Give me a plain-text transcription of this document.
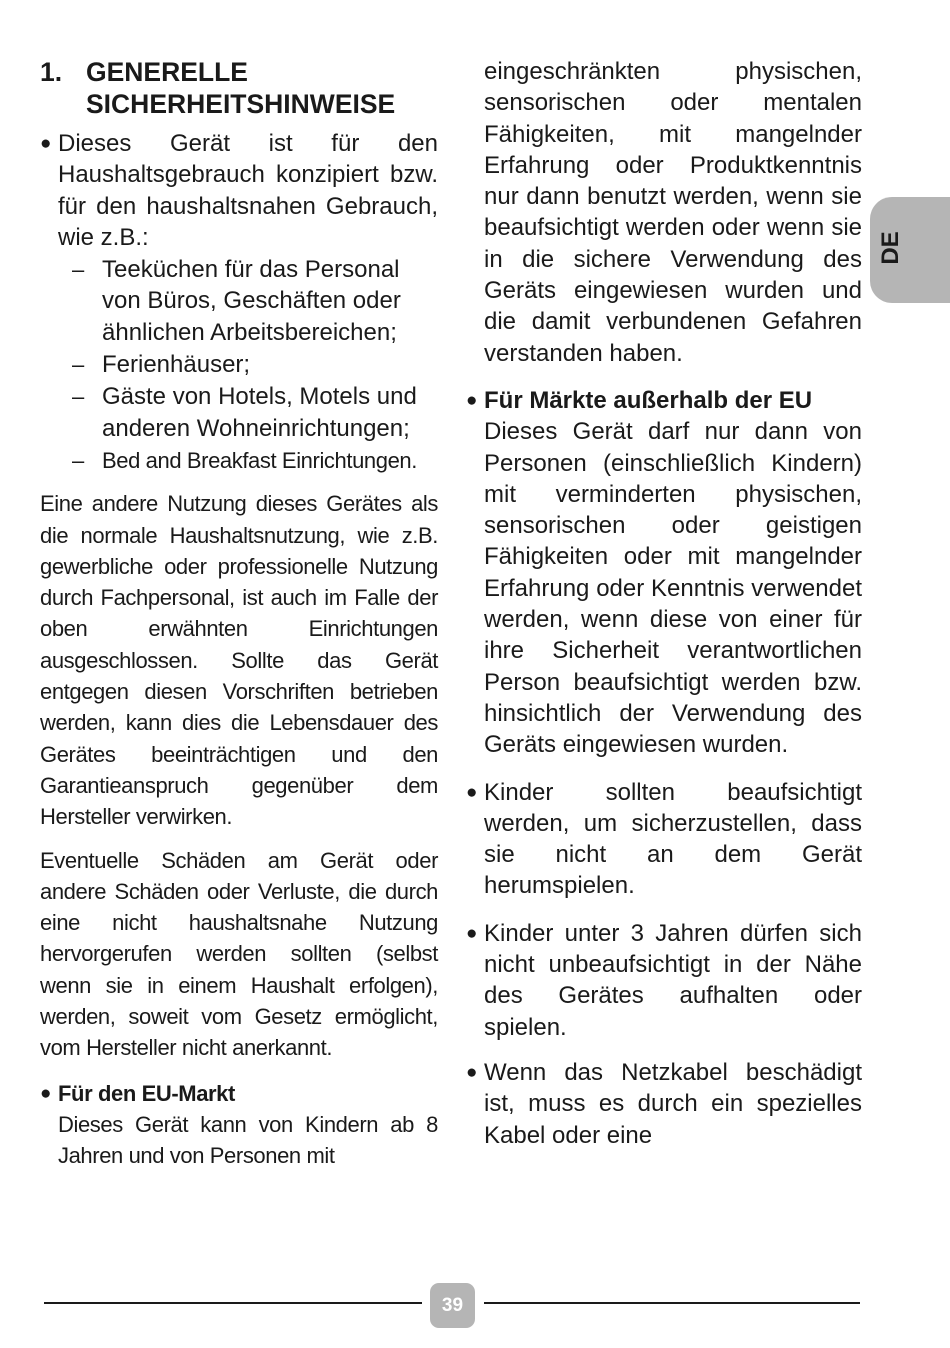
1. GENERELLE
SICHERHEITSHINWEISE
● Dieses Gerät ist für den Haushaltsgebrauch konzipiert bzw. für den haushaltsnahen Gebrauch, wie z.B.:

– Teeküchen für das Personal von Büros, Geschäften oder ähnlichen Arbeitsbereichen;

– Ferienhäuser;

– Gäste von Hotels, Motels und anderen Wohneinrichtungen;

– Bed and Breakfast Einrichtungen.

Eine andere Nutzung dieses Gerätes als die normale Haushaltsnutzung, wie z.B. gewerbliche oder professionelle Nutzung durch Fachpersonal, ist auch im Falle der oben erwähnten Einrichtungen ausgeschlossen. Sollte das Gerät entgegen diesen Vorschriften betrieben werden, kann dies die Lebensdauer des Gerätes beeinträchtigen und den Garantieanspruch gegenüber dem Hersteller verwirken.

Eventuelle Schäden am Gerät oder andere Schäden oder Verluste, die durch eine nicht haushaltsnahe Nutzung hervorgerufen werden sollten (selbst wenn sie in einem Haushalt erfolgen), werden, soweit vom Gesetz ermöglicht, vom Hersteller nicht anerkannt.

● Für den EU-Markt

Dieses Gerät kann von Kindern ab 8 Jahren und von Personen mit

eingeschränkten physischen, sensorischen oder mentalen Fähigkeiten, mit mangelnder Erfahrung oder Produktkenntnis nur dann benutzt werden, wenn sie beaufsichtigt werden oder wenn sie in die sichere Verwendung des Geräts eingewiesen wurden und die damit verbundenen Gefahren verstanden haben.

● Für Märkte außerhalb der EU

Dieses Gerät darf nur dann von Personen (einschließlich Kindern) mit verminderten physischen, sensorischen oder geistigen Fähigkeiten oder mit mangelnder Erfahrung oder Kenntnis verwendet werden, wenn diese von einer für ihre Sicherheit verantwortlichen Person beaufsichtigt werden bzw. hinsichtlich der Verwendung des Geräts eingewiesen wurden.

● Kinder sollten beaufsichtigt werden, um sicherzustellen, dass sie nicht an dem Gerät herumspielen.

● Kinder unter 3 Jahren dürfen sich nicht unbeaufsichtigt in der Nähe des Gerätes aufhalten oder spielen.

● Wenn das Netzkabel beschädigt ist, muss es durch ein spezielles Kabel oder eine

DE
39
